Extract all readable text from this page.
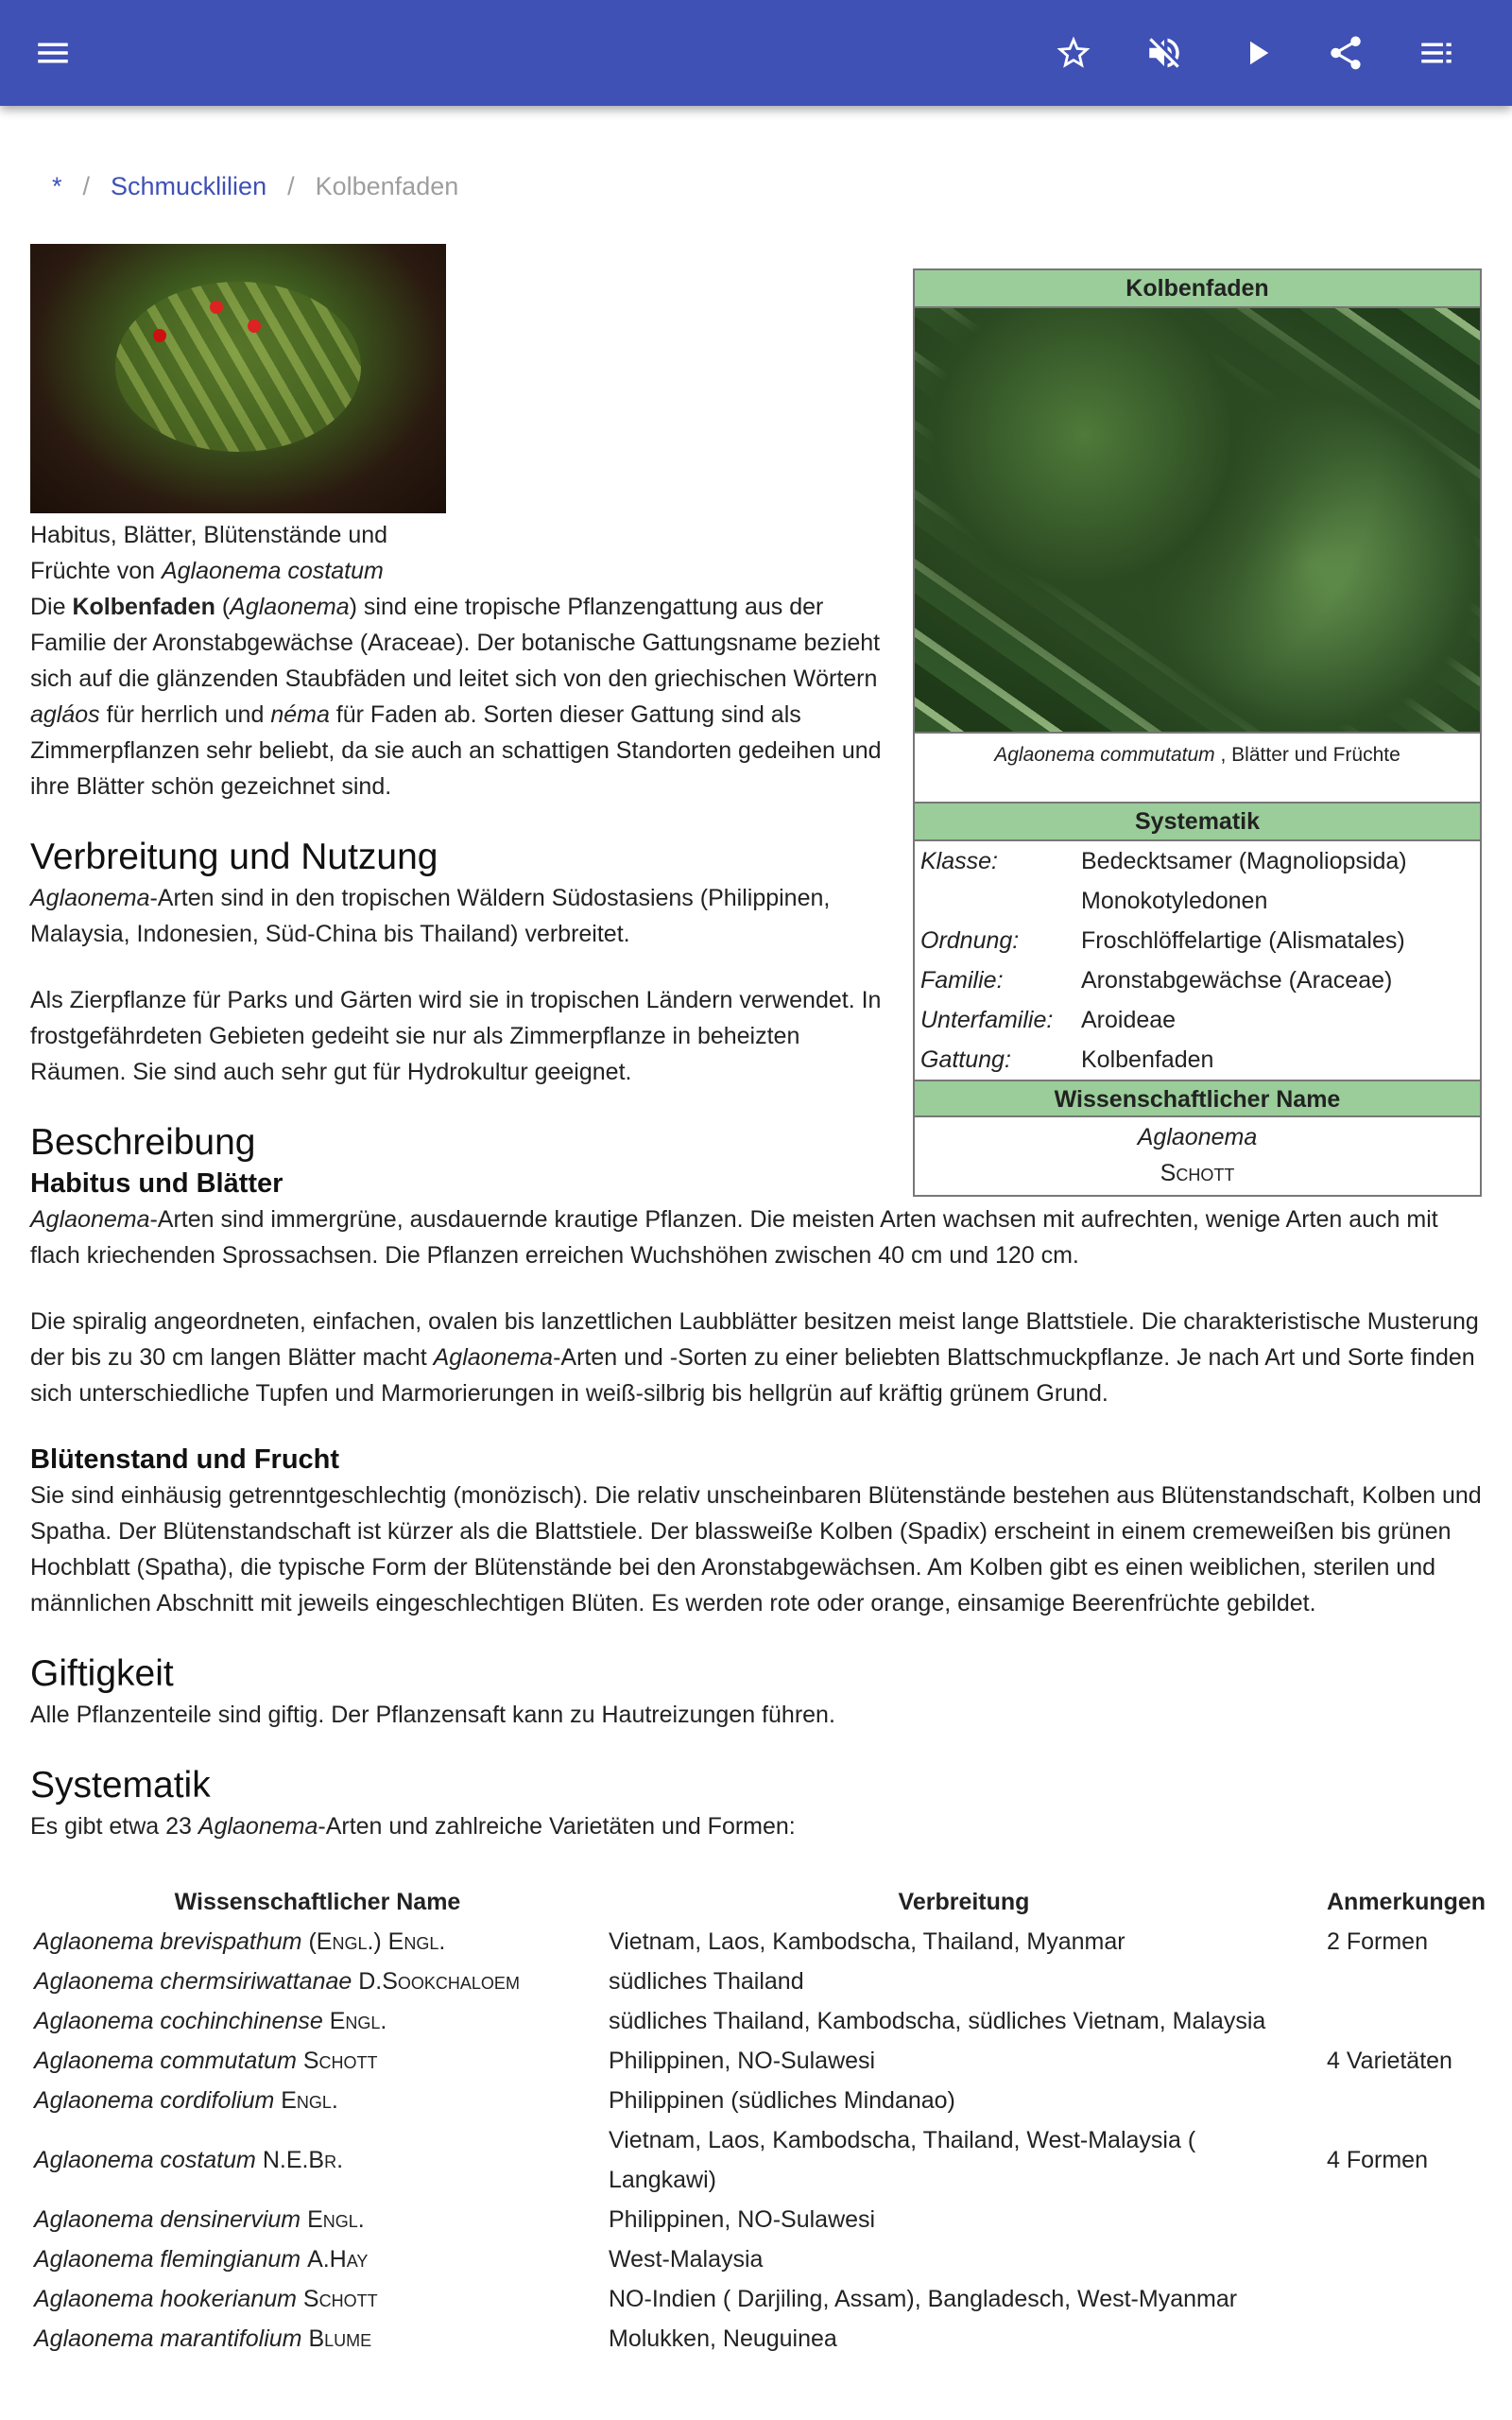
* / Schmucklilien / Kolbenfaden
Kolbenfaden
Aglaonema commutatum , Blätter und Früchte
Systematik
Klasse:	Bedecktsamer (Magnoliopsida)
Monokotyledonen
Ordnung:	Froschlöffelartige (Alismatales)
Familie:	Aronstabgewächse (Araceae)
Unterfamilie:	Aroideae
Gattung:	Kolbenfaden
Wissenschaftlicher Name
Aglaonema
Schott

Habitus, Blätter, Blütenstände und Früchte von Aglaonema costatum

Die Kolbenfaden (Aglaonema) sind eine tropische Pflanzengattung aus der Familie der Aronstabgewächse (Araceae). Der botanische Gattungsname bezieht sich auf die glänzenden Staubfäden und leitet sich von den griechischen Wörtern agláos für herrlich und néma für Faden ab. Sorten dieser Gattung sind als Zimmerpflanzen sehr beliebt, da sie auch an schattigen Standorten gedeihen und ihre Blätter schön gezeichnet sind.

Verbreitung und Nutzung

Aglaonema-Arten sind in den tropischen Wäldern Südostasiens (Philippinen, Malaysia, Indonesien, Süd-China bis Thailand) verbreitet.

Als Zierpflanze für Parks und Gärten wird sie in tropischen Ländern verwendet. In frostgefährdeten Gebieten gedeiht sie nur als Zimmerpflanze in beheizten Räumen. Sie sind auch sehr gut für Hydrokultur geeignet.

Beschreibung
Habitus und Blätter

Aglaonema-Arten sind immergrüne, ausdauernde krautige Pflanzen. Die meisten Arten wachsen mit aufrechten, wenige Arten auch mit flach kriechenden Sprossachsen. Die Pflanzen erreichen Wuchshöhen zwischen 40 cm und 120 cm.

Die spiralig angeordneten, einfachen, ovalen bis lanzettlichen Laubblätter besitzen meist lange Blattstiele. Die charakteristische Musterung der bis zu 30 cm langen Blätter macht Aglaonema-Arten und -Sorten zu einer beliebten Blattschmuckpflanze. Je nach Art und Sorte finden sich unterschiedliche Tupfen und Marmorierungen in weiß-silbrig bis hellgrün auf kräftig grünem Grund.

Blütenstand und Frucht

Sie sind einhäusig getrenntgeschlechtig (monözisch). Die relativ unscheinbaren Blütenstände bestehen aus Blütenstandschaft, Kolben und Spatha. Der Blütenstandschaft ist kürzer als die Blattstiele. Der blassweiße Kolben (Spadix) erscheint in einem cremeweißen bis grünen Hochblatt (Spatha), die typische Form der Blütenstände bei den Aronstabgewächsen. Am Kolben gibt es einen weiblichen, sterilen und männlichen Abschnitt mit jeweils eingeschlechtigen Blüten. Es werden rote oder orange, einsamige Beerenfrüchte gebildet.

Giftigkeit

Alle Pflanzenteile sind giftig. Der Pflanzensaft kann zu Hautreizungen führen.

Systematik

Es gibt etwa 23 Aglaonema-Arten und zahlreiche Varietäten und Formen:

Wissenschaftlicher Name	Verbreitung	Anmerkungen
Aglaonema brevispathum (Engl.) Engl.	Vietnam, Laos, Kambodscha, Thailand, Myanmar	2 Formen
Aglaonema chermsiriwattanae D.Sookchaloem	südliches Thailand	
Aglaonema cochinchinense Engl.	südliches Thailand, Kambodscha, südliches Vietnam, Malaysia	
Aglaonema commutatum Schott	Philippinen, NO-Sulawesi	4 Varietäten
Aglaonema cordifolium Engl.	Philippinen (südliches Mindanao)	
Aglaonema costatum N.E.Br.	Vietnam, Laos, Kambodscha, Thailand, West-Malaysia ( Langkawi)	4 Formen
Aglaonema densinervium Engl.	Philippinen, NO-Sulawesi	
Aglaonema flemingianum A.Hay	West-Malaysia	
Aglaonema hookerianum Schott	NO-Indien ( Darjiling, Assam), Bangladesch, West-Myanmar	
Aglaonema marantifolium Blume	Molukken, Neuguinea	
